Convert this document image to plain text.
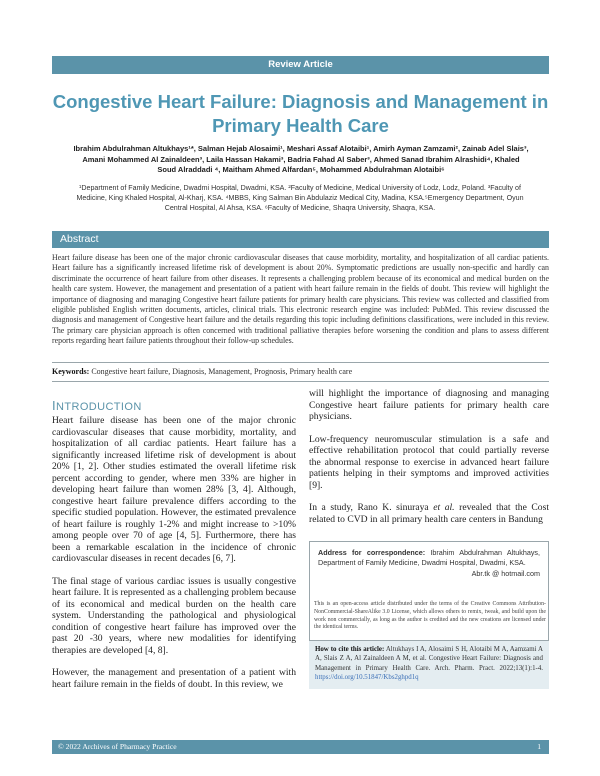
Review Article
Congestive Heart Failure: Diagnosis and Management in
Primary Health Care
Ibrahim Abdulrahman Altukhays¹*, Salman Hejab Alosaimi¹, Meshari Assaf Alotaibi¹, Amirh Ayman Zamzami², Zainab Adel Slais³,
Amani Mohammed Al Zainaldeen³, Laila Hassan Hakami³, Badria Fahad Al Saber³, Ahmed Sanad Ibrahim Alrashidi⁴, Khaled
Soud Alraddadi ⁴, Maitham Ahmed Alfardan⁵, Mohammed Abdulrahman Alotaibi⁶
¹Department of Family Medicine, Dwadmi Hospital, Dwadmi, KSA. ²Faculty of Medicine, Medical University of Lodz, Lodz, Poland. ³Faculty of
Medicine, King Khaled Hospital, Al-Kharj, KSA. ⁴MBBS, King Salman Bin Abdulaziz Medical City, Madina, KSA.⁵Emergency Department, Oyun
Central Hospital, Al Ahsa, KSA. ⁶Faculty of Medicine, Shaqra University, Shaqra, KSA.
Abstract

Heart failure disease has been one of the major chronic cardiovascular diseases that cause morbidity, mortality, and hospitalization of all cardiac patients. Heart failure has a significantly increased lifetime risk of development is about 20%. Symptomatic predictions are usually non-specific and hardly can discriminate the occurrence of heart failure from other diseases. It represents a challenging problem because of its economical and medical burden on the health care system. However, the management and presentation of a patient with heart failure remain in the fields of doubt. This review will highlight the importance of diagnosing and managing Congestive heart failure patients for primary health care physicians. This review was collected and classified from eligible published English written documents, articles, clinical trials. This electronic research engine was included: PubMed. This review discussed the diagnosis and management of Congestive heart failure and the details regarding this topic including definitions classifications, were included in this review. The primary care physician approach is often concerned with traditional palliative therapies before worsening the condition and plans to assess different reports regarding heart failure patients throughout their follow-up schedules.

Keywords: Congestive heart failure, Diagnosis, Management, Prognosis, Primary health care
INTRODUCTION

Heart failure disease has been one of the major chronic cardiovascular diseases that cause morbidity, mortality, and hospitalization of all cardiac patients. Heart failure has a significantly increased lifetime risk of development is about 20% [1, 2]. Other studies estimated the overall lifetime risk percent according to gender, where men 33% are higher in developing heart failure than women 28% [3, 4]. Although, congestive heart failure prevalence differs according to the specific studied population. However, the estimated prevalence of heart failure is roughly 1-2% and might increase to >10% among people over 70 of age [4, 5]. Furthermore, there has been a remarkable escalation in the incidence of chronic cardiovascular diseases in recent decades [6, 7].

The final stage of various cardiac issues is usually congestive heart failure. It is represented as a challenging problem because of its economical and medical burden on the health care system. Understanding the pathological and physiological condition of congestive heart failure has improved over the past 20 -30 years, where new modalities for identifying therapies are developed [4, 8].

However, the management and presentation of a patient with heart failure remain in the fields of doubt. In this review, we

will highlight the importance of diagnosing and managing Congestive heart failure patients for primary health care physicians.

Low-frequency neuromuscular stimulation is a safe and effective rehabilitation protocol that could partially reverse the abnormal response to exercise in advanced heart failure patients helping in their symptoms and improved activities [9].

In a study, Rano K. sinuraya et al. revealed that the Cost related to CVD in all primary health care centers in Bandung

Address for correspondence: Ibrahim Abdulrahman Altukhays, Department of Family Medicine, Dwadmi Hospital, Dwadmi, KSA.
Abr.tk @ hotmail.com

This is an open-access article distributed under the terms of the Creative Commons Attribution-NonCommercial-ShareAlike 3.0 License, which allows others to remix, tweak, and build upon the work non commercially, as long as the author is credited and the new creations are licensed under the identical terms.

How to cite this article: Altukhays I A, Alosaimi S H, Alotaibi M A, Aamzami A A, Slais Z A, Al Zainaldeen A M, et al. Congestive Heart Failure: Diagnosis and Management in Primary Health Care. Arch. Pharm. Pract. 2022;13(1):1-4. https://doi.org/10.51847/Kbs2ghpd1q
© 2022 Archives of Pharmacy Practice	1
